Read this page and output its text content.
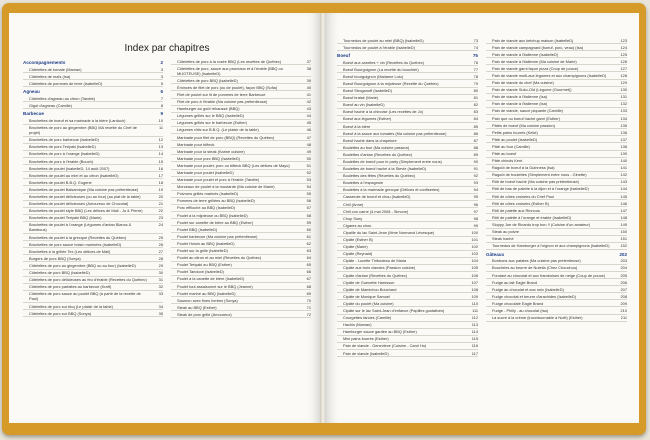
Index par chapitres
Accompagnements	2
Côtelettes de tomate (Maman)	3
Côtelettes de maïs (Isa)	3
Côtelettes de pommes de terre (IsabelleD)	5
Agneau	6
Côtelettes d'agneau au citron (Tarotte)	7
Gigot d'agneau (Camille)	8
Barbecue	9
Brochettes de boeuf et sa marinade à la bière (Larduch)	10
Brochettes de porc au gingembre (BBQ MA recette du Chef de projet)
11
Brochettes de porc barbecue (IsabelleD)	12
Brochettes de porc Teriyaki (IsabelleD)	13
Brochettes de porc à l'orange (IsabelleD)	14
Brochettes de porc à l'érable (Bouch)	15
Brochettes de poulet (IsabelleD, 14 août 2007)	16
Brochettes de poulet au miel et au citron (IsabelleD)	17
Brochettes de poulet B.B.Q. Eugene	18
Brochettes de poulet Balsamique (Ma cuisine pas prétentieuse)	19
Brochettes de poulet délicieuses (ou au four) (au plat de la table)	20
Brochettes de poulet délicieuses (Amoureux de Chocolat)	21
Brochettes de poulet style BBQ (Les délices de Mali - Jo & Pierre)	22
Brochettes de poulet Teriyaki BBQ (Marie)	23
Brochettes de poulet à l'orange (Légumes d'antan Blancs & Bambous)
24
Brochettes de poulet à la grecque (Recettes du Québec)	25
Brochettes de porc sauce hoisin marinées (IsabelleD)	26
Brochettes à la grillée Tex (Les délices de Mali)	27
Burgers de porc BBQ (Sonya)	28
Côtelettes de porc au gingembre (BBQ ou au four) (IsabelleD)	29
Côtelettes de porc BBQ (IsabelleD)	30
Côtelettes de porc délicieuses au feu d'érable (Recettes du Québec)	31
Côtelettes de porc parfaites au barbecue (Kraft)	32
Côtelettes de porc sauce au poulet BBQ (à partir de la recette de Paul)
33
Côtelettes de porc sur bbq (Le plaisir de la table)	34
Côtelettes de porc sur BBQ (Sonya)	35
Côtelettes de porc à la rosée BBQ (Les recettes de Québec)	37
Côtelettes de porc, sauce aux pruneaux et à l'érable (BBQ ou MIJOTEUSE) (IsabelleD)
38
Côtelettes de porc BBQ (IsabelleD)	39
Émincés de filet de porc (ou de poulet), façon BBQ (Sofia)	40
Filet de poulet sur lit de pommes de terre Barbecue	41
Filet de porc à l'érable (Ma cuisine pas prétentieuse)	42
Hamburger au goût réhaussé (BBQ)	43
Légumes grillés sur le BBQ (IsabelleD)	44
Légumes grillés sur le barbecue (Esther)	45
Légumes rôtis sur B.B.Q. (Le plaisir de la table)	46
Marinade pour filet de porc (BBQ) (Recettes du Québec)	47
Marinade pour bifteck	48
Marinade pour la steak (Karine cuisine)	49
Marinade pour porc BBQ (IsabelleD)	50
Marinade pour poulet, porc ou bifteck BBQ (Les délices de Mayo)	51
Marinade pour poulet (IsabelleD)	52
Marinade pour poulet et porc à l'érable (Tarotte)	53
Morceaux de poulet à la moutarde (Ma cuisine de Marie)	54
Poivrons grillés marinés (IsabelleD)	55
Pommes de terre grillées au BBQ (IsabelleD)	56
Porc effiloché au BBQ (IsabelleD)	57
Poulet à la mijoteuse ou BBQ (IsabelleD)	58
Poulet sur canette de bière au BBQ (Esther)	59
Poulet BBQ (IsabelleD)	60
Poulet barbecue (Ma cuisine pas prétentieuse)	61
Poulet Hoisin au BBQ (IsabelleD)	62
Poulet sur la grille (IsabelleD)	63
Poulet au citron et au miel (Recettes du Québec)	64
Poulet Teriyaki au BBQ (Esther)	65
Poulet Tandoori (IsabelleD)	66
Poulet à la canette de bière (IsabelleD)	67
Poulet tout assaisonné sur le BBQ (Jeanne)	68
Poulet mariné au BBQ (IsabelleD)	69
Saumon avec fines herbes (Sonya)	70
Steak au BBQ (Esther)	71
Steak de porc grillé (Amoureux)	72
Tournedos de poulet au miel (BBQ) (IsabelleD)	73
Tournedos de poulet à l'érable (IsabelleD)	74
Boeuf	75
Boeuf aux carottes + vin (Recettes du Québec)	76
Boeuf Bourguignon (La recette du bouchier)	77
Boeuf bourguignon (Madame Lulu)	78
Boeuf Bourguignon à la mijoteuse (Recette du Québec)	79
Boeuf Stroganoff (IsabelleD)	80
Boeuf braisé (Marie)	81
Boeuf au vin (IsabelleD)	82
Boeuf haché à la chinoise (Les recettes de Jo)	83
Boeuf aux légumes (Esther)	84
Boeuf à la bière	85
Boeuf à la sauce aux tomates (Ma cuisine pas prétentieuse)	86
Boeuf haché dans la chapelure	87
Boulettes au four (Ma cuisine passion)	88
Boulettes d'antan (Recettes du Québec)	89
Boulettes de boeuf pour le party (Simplement entre nous)	90
Boulettes de boeuf haché à la Stevie (IsabelleD)	91
Boulettes des fêtes (Recettes du Québec)	92
Boulettes à l'espagnole	93
Boulettes à la marinade grecque (Délices et confiseries)	94
Casserole de boeuf et chou (IsabelleD)	95
Chili (Anne)	96
Chili con carne (4 mai 2008 - Simone)	97
Chop Suey	98
Cigares au chou	99
Cipaille du lac Saint-Jean (Mme Normand Lévesque)	100
Cipâte (Esther B)	101
Cipâte (Marie)	102
Cipâte (Reynald)	103
Cipâte - Lucette Thibodeau de Maria	104
Cipâte aux trois viandes (Passion cuisine)	105
Cipâte d'antan (Recettes du Québec)	106
Cipâte de Guenette Harrisson	107
Cipâte de Mamichou Bouchard	108
Cipâte de Monique Samuel	109
Cipâte du poulet (Ma cuisine)	110
Cipâte sur le lac Saint-Jean d'enfance (Papilles gustatives)	111
Courgettes farcies (Camille)	112
Hachis (Maman)	113
Hamburger sauce gardée au BBQ (Esther)	114
Mini pains fourrés (Esther)	115
Pain de viande - Geneviève (Cuisine - Carol Ho)	116
Pain de viande (IsabelleD)	117
Pain de viande aux ketchup maison (IsabelleD)	123
Pain de viande campagnard (boeuf, porc, veau) (Isa)	124
Pain de viande à l'italienne (IsabelleD)	125
Pain de viande à l'italienne (Ma cuisine de Marie)	126
Pain de viande garni façon pizza (Coup de pouce)	127
Pain de viande multi-aux légumes et aux champignons (IsabelleD)	128
Pain de viande du chef (Ma cuisine)	129
Pain de viande Suko-Old (Légume (Gourmet))	130
Pain de viande à l'italienne (Isa)	131
Pain de viande à l'italienne (Isa)	132
Pain de viande, sauce piquante (Camille)	133
Pain que ou boeuf haché garni (Esther)	134
Pâtés de boeuf (Ma cuisine passion)	135
Petits pains fourrés (Kéké)	136
Pâté au poulet (IsabelleD)	137
Pâté au four (Camille)	138
Pâté au boeuf	139
Pâté chinois Kent	140
Ragoût de boeuf à la Guinness (Isa)	141
Ragoût de boulettes (Simplement entre nous - Ginette)	142
Rôti de boeuf haché (Ma cuisine pas prétentieuse)	143
Rôti de bas de palette à la dijon et à l'orange (IsabelleD)	144
Rôti de côtes croisées du Chef Paul	145
Rôti de côtes croisées (Esther B)	146
Rôti de palette aux Rinnous	147
Rôti de palette à l'orange et érable (IsabelleD)	148
Sloppy Joe de Ricardo trop bon !! (Cuisine d'un amateur)	149
Steak au poivre	150
Steak haché	151
Tournedos de Hamburger à l'oignon et aux champignons (IsabelleD)	152
Gâteaux	202
Bonbons aux patates (Ma cuisine pas prétentieuse)	203
Bouchées au beurre de Nutella (Chez Chouchou)	204
Fondant au chocolat et aux framboises de neige (Coup de pouce)	205
Fudge au lait Eagle Brand	206
Fudge au chocolat et aux noix (IsabelleD)	207
Fudge chocolat et beurre d'arachides (IsabelleD)	208
Fudge chocolaté Eagle Brand	209
Fudge - Philly - au chocolat (Isa)	210
La sucre à la crème (incontournable à Noël) (Esther)	211
